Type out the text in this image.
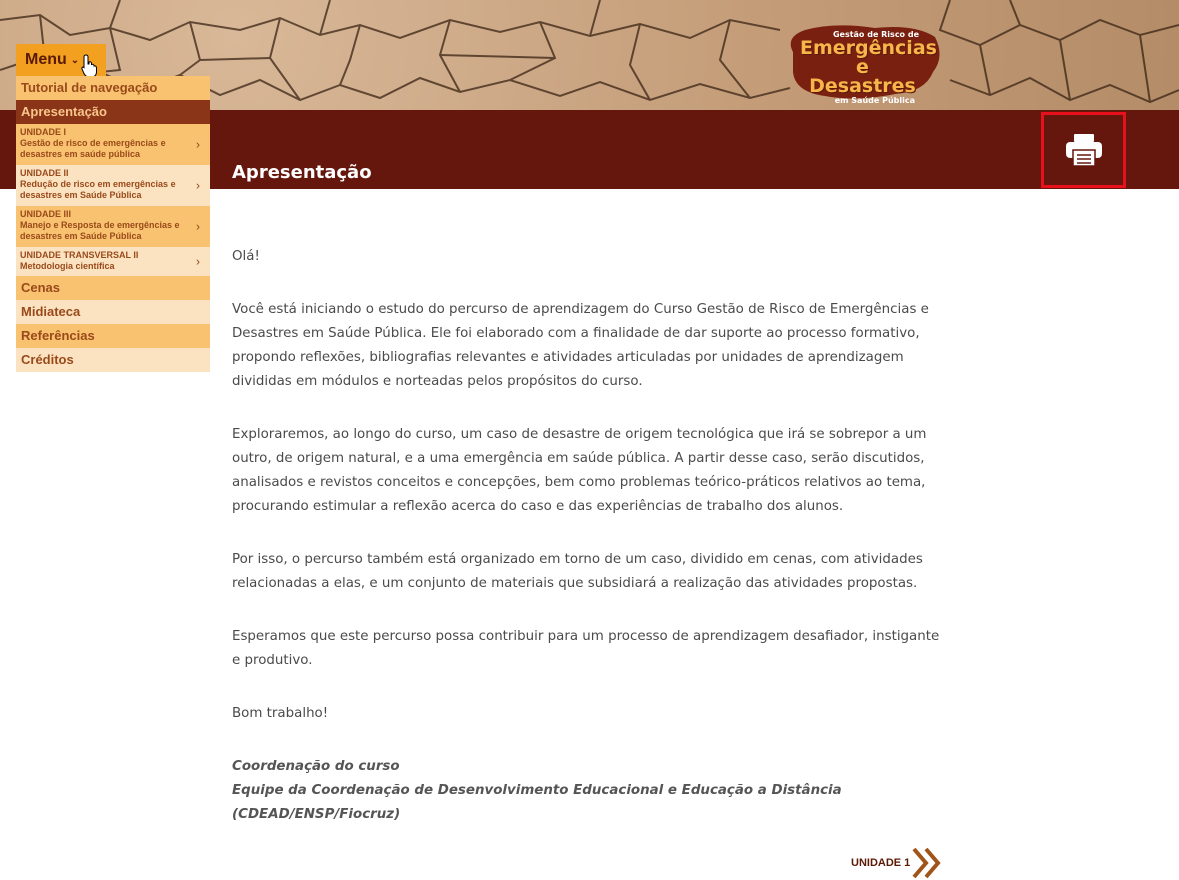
Gestão de Risco de
Emergências
e Desastres
em Saúde Pública
Apresentação
Menu ⌄
Tutorial de navegação
Apresentação
UNIDADE I
Gestão de risco de emergências e desastres em saúde pública
›
UNIDADE II
Redução de risco em emergências e desastres em Saúde Pública
›
UNIDADE III
Manejo e Resposta de emergências e desastres em Saúde Pública
›
UNIDADE TRANSVERSAL II
Metodologia científica	›
Cenas
Midiateca
Referências
Créditos

Olá!

Você está iniciando o estudo do percurso de aprendizagem do Curso Gestão de Risco de Emergências e Desastres em Saúde Pública. Ele foi elaborado com a finalidade de dar suporte ao processo formativo, propondo reflexões, bibliografias relevantes e atividades articuladas por unidades de aprendizagem divididas em módulos e norteadas pelos propósitos do curso.

Exploraremos, ao longo do curso, um caso de desastre de origem tecnológica que irá se sobrepor a um outro, de origem natural, e a uma emergência em saúde pública. A partir desse caso, serão discutidos, analisados e revistos conceitos e concepções, bem como problemas teórico-práticos relativos ao tema, procurando estimular a reflexão acerca do caso e das experiências de trabalho dos alunos.

Por isso, o percurso também está organizado em torno de um caso, dividido em cenas, com atividades relacionadas a elas, e um conjunto de materiais que subsidiará a realização das atividades propostas.

Esperamos que este percurso possa contribuir para um processo de aprendizagem desafiador, instigante e produtivo.

Bom trabalho!

Coordenação do curso
Equipe da Coordenação de Desenvolvimento Educacional e Educação a Distância (CDEAD/ENSP/Fiocruz)
UNIDADE 1
